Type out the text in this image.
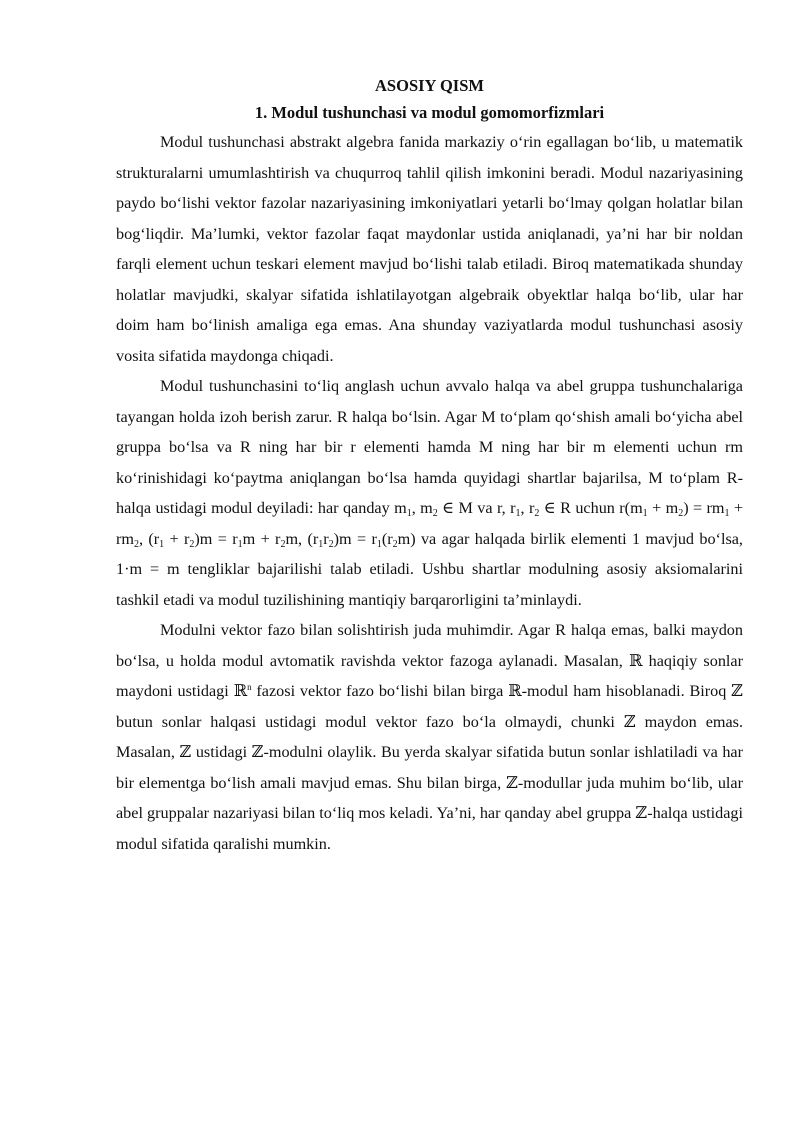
ASOSIY QISM
1. Modul tushunchasi va modul gomomorfizmlari

Modul tushunchasi abstrakt algebra fanida markaziy o‘rin egallagan bo‘lib, u matematik strukturalarni umumlashtirish va chuqurroq tahlil qilish imkonini beradi. Modul nazariyasining paydo bo‘lishi vektor fazolar nazariyasining imkoniyatlari yetarli bo‘lmay qolgan holatlar bilan bog‘liqdir. Ma’lumki, vektor fazolar faqat maydonlar ustida aniqlanadi, ya’ni har bir noldan farqli element uchun teskari element mavjud bo‘lishi talab etiladi. Biroq matematikada shunday holatlar mavjudki, skalyar sifatida ishlatilayotgan algebraik obyektlar halqa bo‘lib, ular har doim ham bo‘linish amaliga ega emas. Ana shunday vaziyatlarda modul tushunchasi asosiy vosita sifatida maydonga chiqadi.

Modul tushunchasini to‘liq anglash uchun avvalo halqa va abel gruppa tushunchalariga tayangan holda izoh berish zarur. R halqa bo‘lsin. Agar M to‘plam qo‘shish amali bo‘yicha abel gruppa bo‘lsa va R ning har bir r elementi hamda M ning har bir m elementi uchun rm ko‘rinishidagi ko‘paytma aniqlangan bo‘lsa hamda quyidagi shartlar bajarilsa, M to‘plam R-halqa ustidagi modul deyiladi: har qanday $m_1$, $m_2$ ∈ M va r, $r_1$, $r_2$ ∈ R uchun $r(m_1 + m_2) = rm_1 + rm_2$, $(r_1 + r_2)m = r_1m + r_2m$, $(r_1r_2)m = r_1(r_2m)$ va agar halqada birlik elementi 1 mavjud bo‘lsa, 1·m = m tengliklar bajarilishi talab etiladi. Ushbu shartlar modulning asosiy aksiomalarini tashkil etadi va modul tuzilishining mantiqiy barqarorligini ta’minlaydi.

Modulni vektor fazo bilan solishtirish juda muhimdir. Agar R halqa emas, balki maydon bo‘lsa, u holda modul avtomatik ravishda vektor fazoga aylanadi. Masalan, ℝ haqiqiy sonlar maydoni ustidagi ℝ$^n$ fazosi vektor fazo bo‘lishi bilan birga ℝ-modul ham hisoblanadi. Biroq ℤ butun sonlar halqasi ustidagi modul vektor fazo bo‘la olmaydi, chunki ℤ maydon emas. Masalan, ℤ ustidagi ℤ-modulni olaylik. Bu yerda skalyar sifatida butun sonlar ishlatiladi va har bir elementga bo‘lish amali mavjud emas. Shu bilan birga, ℤ-modullar juda muhim bo‘lib, ular abel gruppalar nazariyasi bilan to‘liq mos keladi. Ya’ni, har qanday abel gruppa ℤ-halqa ustidagi modul sifatida qaralishi mumkin.
